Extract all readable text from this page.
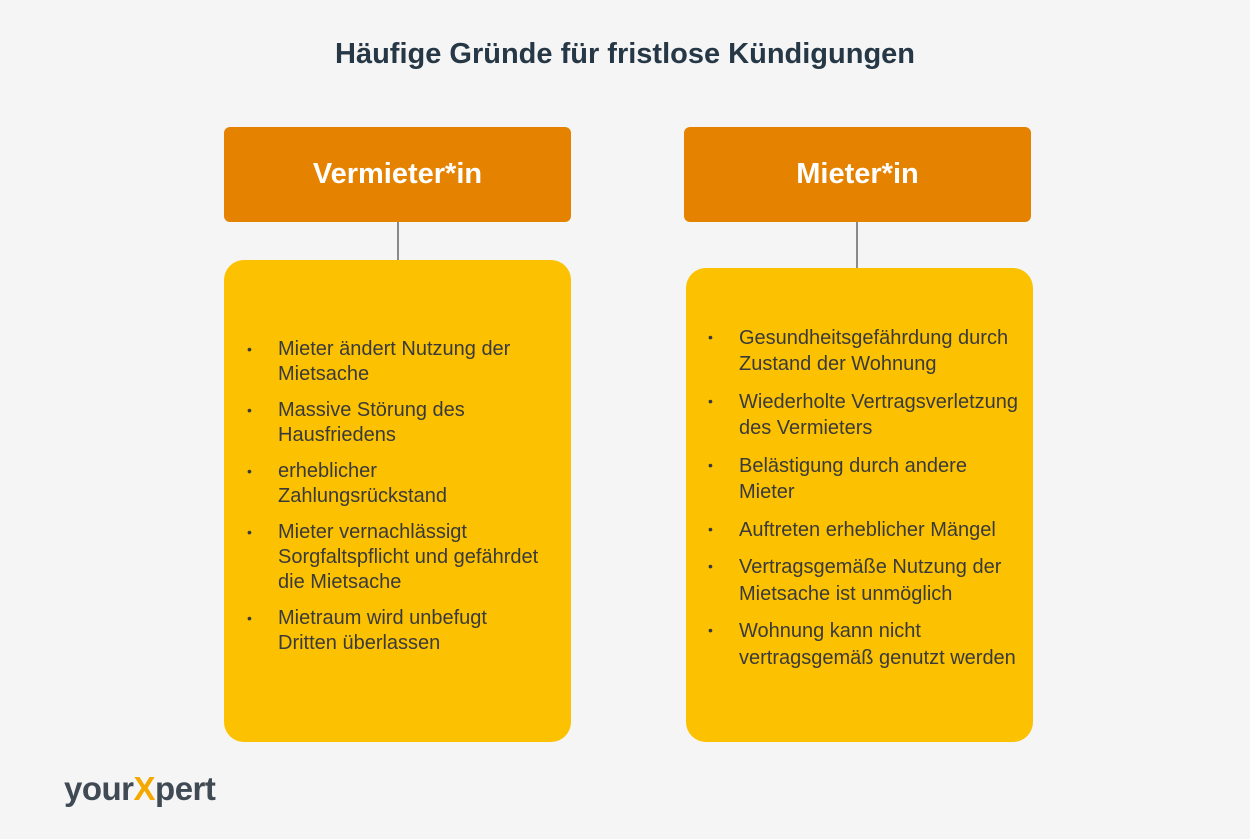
Häufige Gründe für fristlose Kündigungen
Vermieter*in
• Mieter ändert Nutzung der Mietsache
• Massive Störung des Hausfriedens
• erheblicher Zahlungsrückstand
• Mieter vernachlässigt Sorgfaltspflicht und gefährdet die Mietsache
• Mietraum wird unbefugt Dritten überlassen
Mieter*in
• Gesundheitsgefährdung durch Zustand der Wohnung
• Wiederholte Vertragsverletzung des Vermieters
• Belästigung durch andere Mieter
• Auftreten erheblicher Mängel
• Vertragsgemäße Nutzung der Mietsache ist unmöglich
• Wohnung kann nicht vertragsgemäß genutzt werden
yourXpert
